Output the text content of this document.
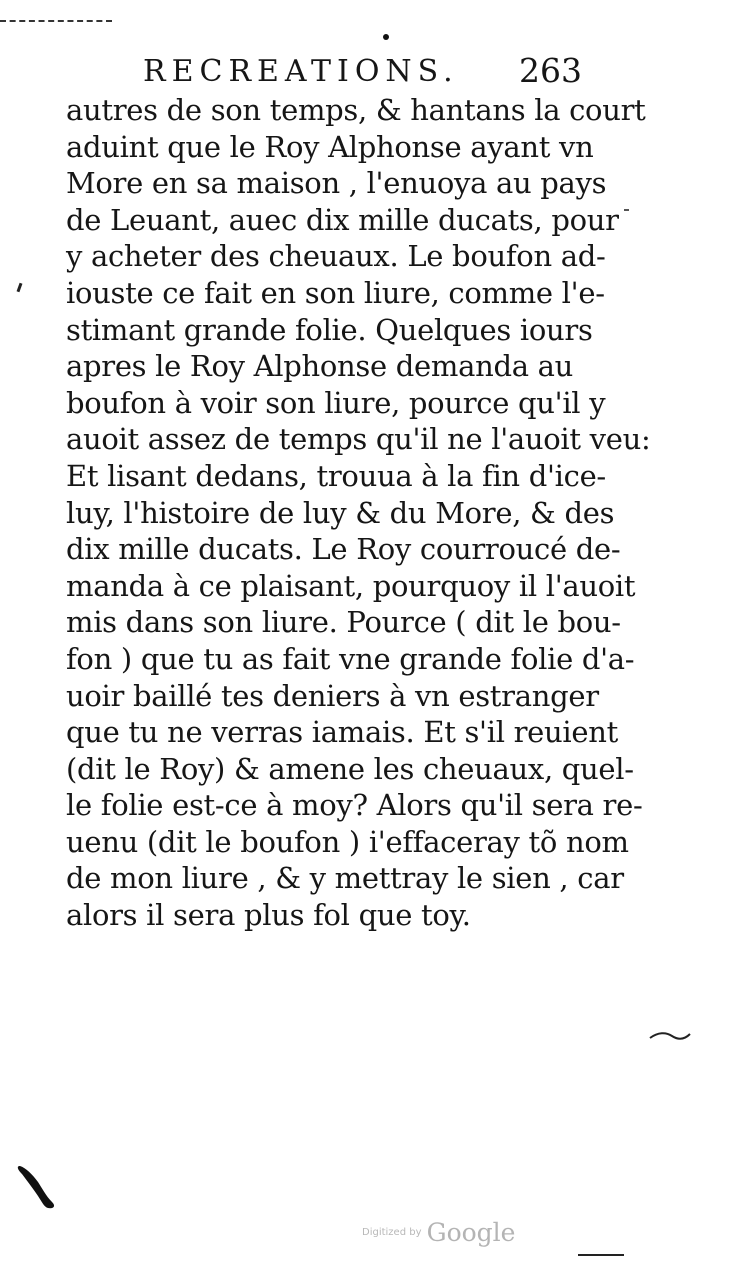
RECREATIONS. 263
autres de son temps, & hantans la court
aduint que le Roy Alphonse ayant vn
More en sa maison , l'enuoya au pays
de Leuant, auec dix mille ducats, pour
y acheter des cheuaux. Le boufon ad-
iouste ce fait en son liure, comme l'e-
stimant grande folie. Quelques iours
apres le Roy Alphonse demanda au
boufon à voir son liure, pource qu'il y
auoit assez de temps qu'il ne l'auoit veu:
Et lisant dedans, trouua à la fin d'ice-
luy, l'histoire de luy & du More, & des
dix mille ducats. Le Roy courroucé de-
manda à ce plaisant, pourquoy il l'auoit
mis dans son liure. Pource ( dit le bou-
fon ) que tu as fait vne grande folie d'a-
uoir baillé tes deniers à vn estranger
que tu ne verras iamais. Et s'il reuient
(dit le Roy) & amene les cheuaux, quel-
le folie est-ce à moy? Alors qu'il sera re-
uenu (dit le boufon ) i'effaceray tõ nom
de mon liure , & y mettray le sien , car
alors il sera plus fol que toy.
Digitized by Google
